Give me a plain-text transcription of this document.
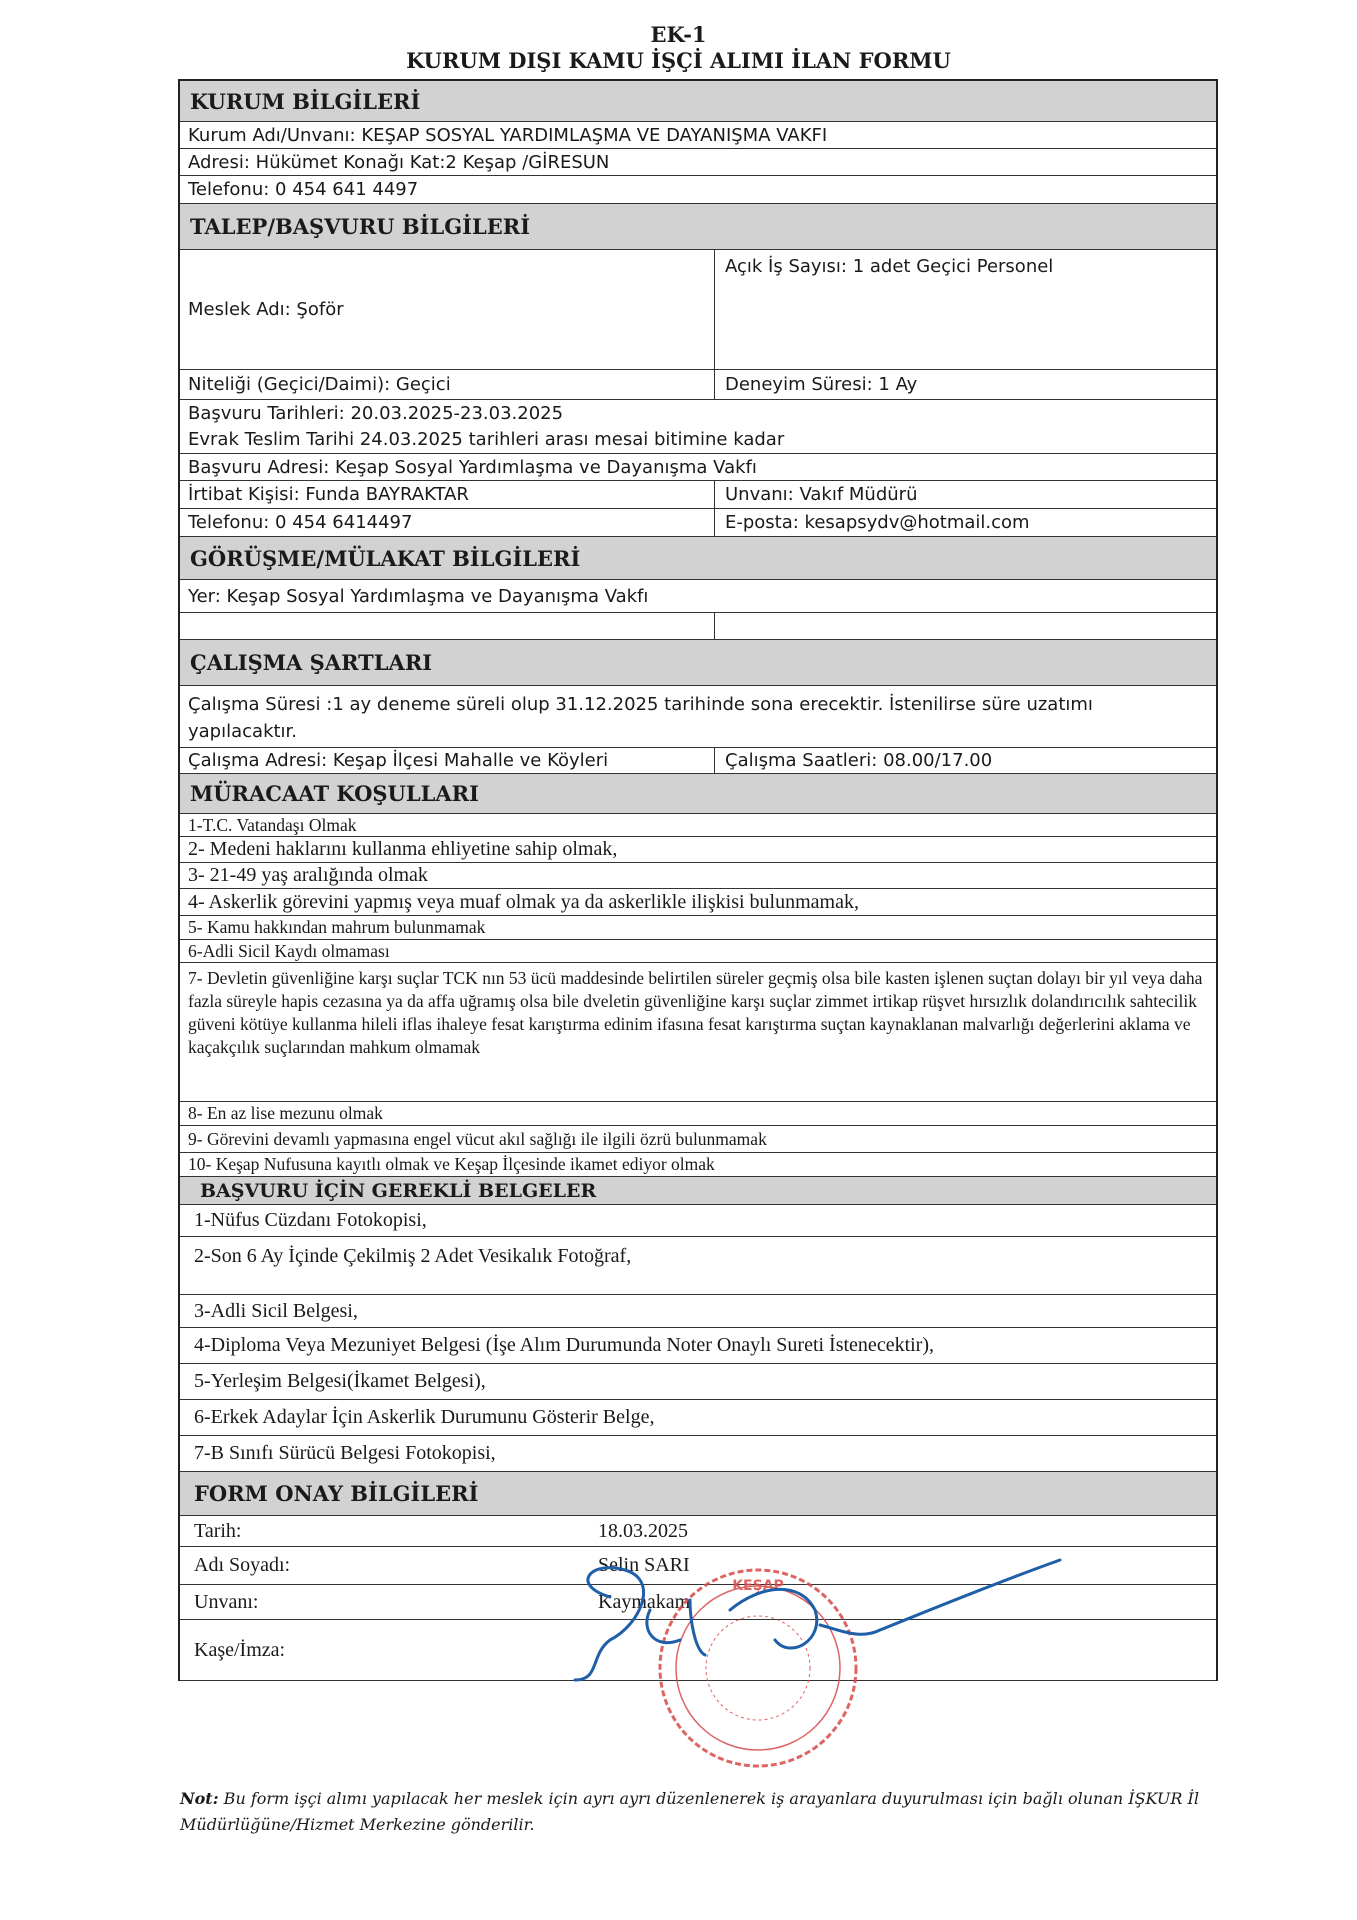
EK-1
KURUM DIŞI KAMU İŞÇİ ALIMI İLAN FORMU
KURUM BİLGİLERİ
Kurum Adı/Unvanı: KEŞAP SOSYAL YARDIMLAŞMA VE DAYANIŞMA VAKFI
Adresi: Hükümet Konağı Kat:2 Keşap /GİRESUN
Telefonu: 0 454 641 4497
TALEP/BAŞVURU BİLGİLERİ
Meslek Adı: Şoför
Açık İş Sayısı: 1 adet Geçici Personel
Niteliği (Geçici/Daimi): Geçici	Deneyim Süresi: 1 Ay
Başvuru Tarihleri: 20.03.2025-23.03.2025
Evrak Teslim Tarihi 24.03.2025 tarihleri arası mesai bitimine kadar
Başvuru Adresi: Keşap Sosyal Yardımlaşma ve Dayanışma Vakfı
İrtibat Kişisi: Funda BAYRAKTAR	Unvanı: Vakıf Müdürü
Telefonu: 0 454 6414497	E-posta: kesapsydv@hotmail.com
GÖRÜŞME/MÜLAKAT BİLGİLERİ
Yer: Keşap Sosyal Yardımlaşma ve Dayanışma Vakfı
ÇALIŞMA ŞARTLARI
Çalışma Süresi :1 ay deneme süreli olup 31.12.2025 tarihinde sona erecektir. İstenilirse süre uzatımı
yapılacaktır.
Çalışma Adresi: Keşap İlçesi Mahalle ve Köyleri	Çalışma Saatleri: 08.00/17.00
MÜRACAAT KOŞULLARI
1-T.C. Vatandaşı Olmak
2- Medeni haklarını kullanma ehliyetine sahip olmak,
3- 21-49 yaş aralığında olmak
4- Askerlik görevini yapmış veya muaf olmak ya da askerlikle ilişkisi bulunmamak,
5- Kamu hakkından mahrum bulunmamak
6-Adli Sicil Kaydı olmaması
7- Devletin güvenliğine karşı suçlar TCK nın 53 ücü maddesinde belirtilen süreler geçmiş olsa bile kasten işlenen suçtan dolayı bir yıl veya daha fazla süreyle hapis cezasına ya da affa uğramış olsa bile dveletin güvenliğine karşı suçlar zimmet irtikap rüşvet hırsızlık dolandırıcılık sahtecilik güveni kötüye kullanma hileli iflas ihaleye fesat karıştırma edinim ifasına fesat karıştırma suçtan kaynaklanan malvarlığı değerlerini aklama ve kaçakçılık suçlarından mahkum olmamak
8- En az lise mezunu olmak
9- Görevini devamlı yapmasına engel vücut akıl sağlığı ile ilgili özrü bulunmamak
10- Keşap Nufusuna kayıtlı olmak ve Keşap İlçesinde ikamet ediyor olmak
BAŞVURU İÇİN GEREKLİ BELGELER
1-Nüfus Cüzdanı Fotokopisi,
2-Son 6 Ay İçinde Çekilmiş 2 Adet Vesikalık Fotoğraf,
3-Adli Sicil Belgesi,
4-Diploma Veya Mezuniyet Belgesi (İşe Alım Durumunda Noter Onaylı Sureti İstenecektir),
5-Yerleşim Belgesi(İkamet Belgesi),
6-Erkek Adaylar İçin Askerlik Durumunu Gösterir Belge,
7-B Sınıfı Sürücü Belgesi Fotokopisi,
FORM ONAY BİLGİLERİ
Tarih:	18.03.2025
Adı Soyadı:	Selin SARI
Unvanı:	Kaymakam
Kaşe/İmza:
KEŞAP
Not: Bu form işçi alımı yapılacak her meslek için ayrı ayrı düzenlenerek iş arayanlara duyurulması için bağlı olunan İŞKUR İl Müdürlüğüne/Hizmet Merkezine gönderilir.
